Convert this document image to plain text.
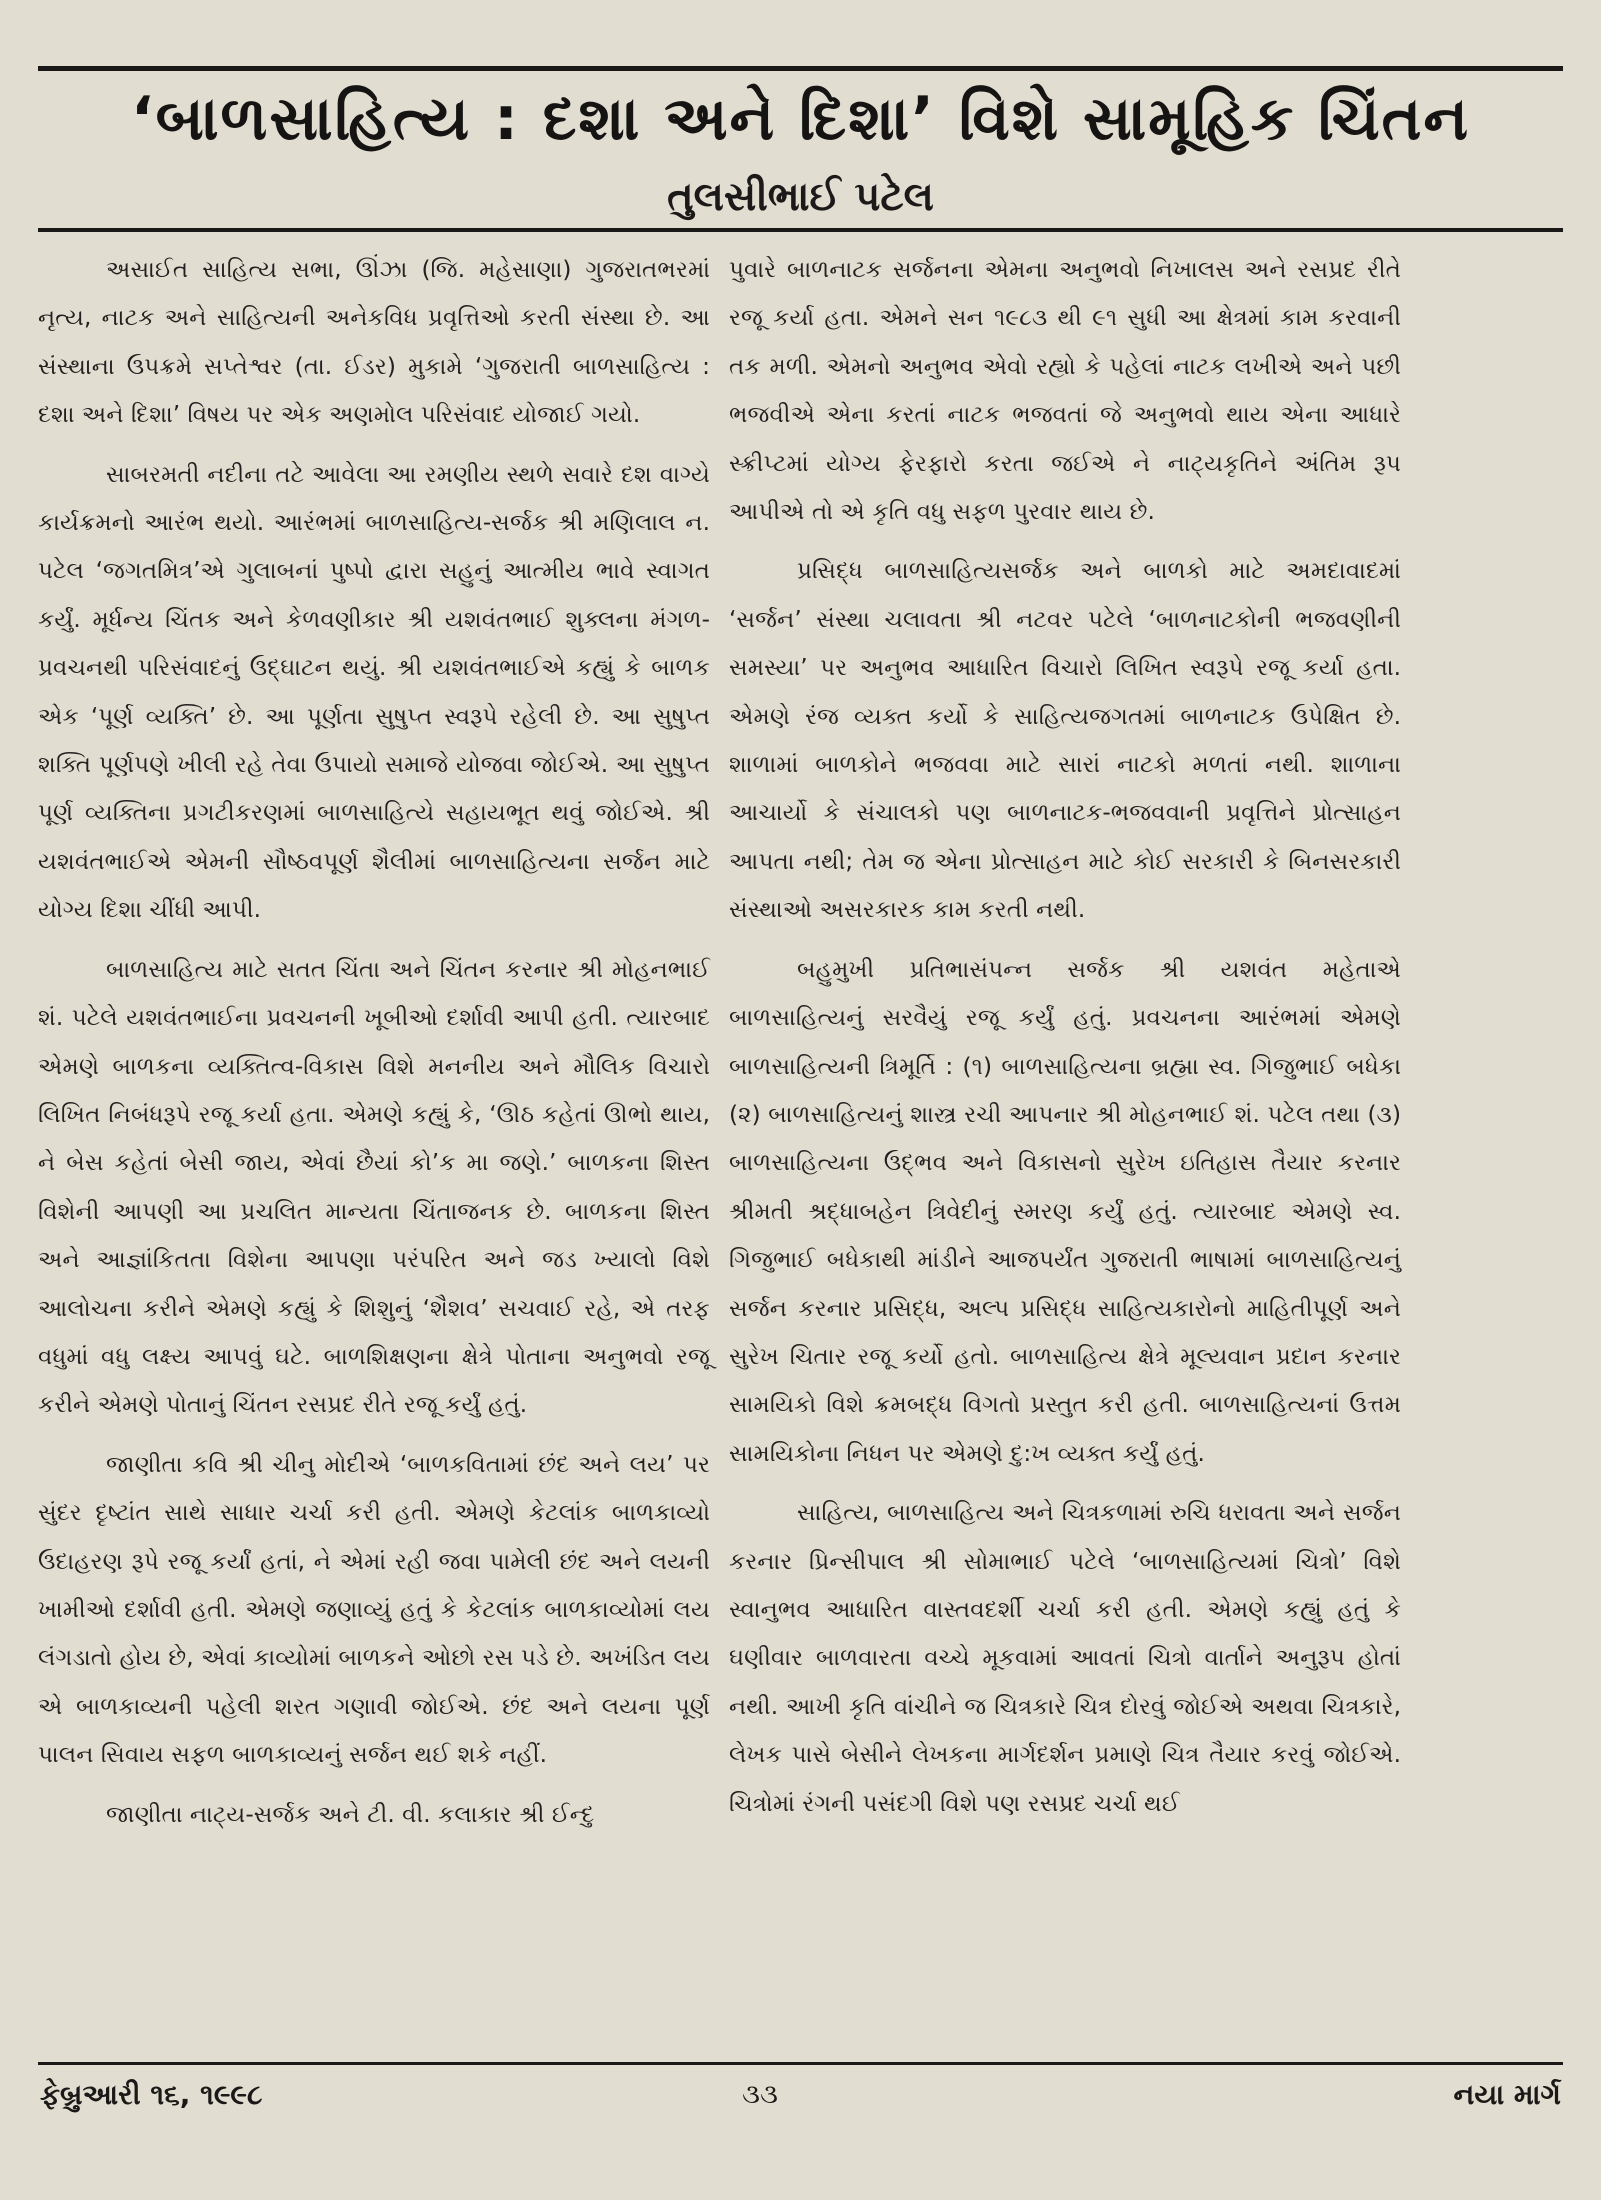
‘બાળસાહિત્ય : દશા અને દિશા’ વિશે સામૂહિક ચિંતન
તુલસીભાઈ પટેલ

અસાઈત સાહિત્ય સભા, ઊંઝા (જિ. મહેસાણા) ગુજરાતભરમાં નૃત્ય, નાટક અને સાહિત્યની અનેકવિધ પ્રવૃત્તિઓ કરતી સંસ્થા છે. આ સંસ્થાના ઉપક્રમે સપ્તેશ્વર (તા. ઈડર) મુકામે ‘ગુજરાતી બાળસાહિત્ય : દશા અને દિશા’ વિષય પર એક અણમોલ પરિસંવાદ યોજાઈ ગયો.

સાબરમતી નદીના તટે આવેલા આ રમણીય સ્થળે સવારે દશ વાગ્યે કાર્યક્રમનો આરંભ થયો. આરંભમાં બાળસાહિત્ય-સર્જક શ્રી મણિલાલ ન. પટેલ ‘જગતમિત્ર’એ ગુલાબનાં પુષ્પો દ્વારા સહુનું આત્મીય ભાવે સ્વાગત કર્યું. મૂર્ધન્ય ચિંતક અને કેળવણીકાર શ્રી યશવંતભાઈ શુક્લના મંગળ-પ્રવચનથી પરિસંવાદનું ઉદ્ઘાટન થયું. શ્રી યશવંતભાઈએ કહ્યું કે બાળક એક ‘પૂર્ણ વ્યક્તિ’ છે. આ પૂર્ણતા સુષુપ્ત સ્વરૂપે રહેલી છે. આ સુષુપ્ત શક્તિ પૂર્ણપણે ખીલી રહે તેવા ઉપાયો સમાજે યોજવા જોઈએ. આ સુષુપ્ત પૂર્ણ વ્યક્તિના પ્રગટીકરણમાં બાળસાહિત્યે સહાયભૂત થવું જોઈએ. શ્રી યશવંતભાઈએ એમની સૌષ્ઠવપૂર્ણ શૈલીમાં બાળસાહિત્યના સર્જન માટે યોગ્ય દિશા ચીંધી આપી.

બાળસાહિત્ય માટે સતત ચિંતા અને ચિંતન કરનાર શ્રી મોહનભાઈ શં. પટેલે યશવંતભાઈના પ્રવચનની ખૂબીઓ દર્શાવી આપી હતી. ત્યારબાદ એમણે બાળકના વ્યક્તિત્વ-વિકાસ વિશે મનનીય અને મૌલિક વિચારો લિખિત નિબંધરૂપે રજૂ કર્યા હતા. એમણે કહ્યું કે, ‘ઊઠ કહેતાં ઊભો થાય, ને બેસ કહેતાં બેસી જાય, એવાં છૈયાં કો’ક મા જણે.’ બાળકના શિસ્ત વિશેની આપણી આ પ્રચલિત માન્યતા ચિંતાજનક છે. બાળકના શિસ્ત અને આજ્ઞાંકિતતા વિશેના આપણા પરંપરિત અને જડ ખ્યાલો વિશે આલોચના કરીને એમણે કહ્યું કે શિશુનું ‘શૈશવ’ સચવાઈ રહે, એ તરફ વધુમાં વધુ લક્ષ્ય આપવું ઘટે. બાળશિક્ષણના ક્ષેત્રે પોતાના અનુભવો રજૂ કરીને એમણે પોતાનું ચિંતન રસપ્રદ રીતે રજૂ કર્યું હતું.

જાણીતા કવિ શ્રી ચીનુ મોદીએ ‘બાળકવિતામાં છંદ અને લય’ પર સુંદર દૃષ્ટાંત સાથે સાધાર ચર્ચા કરી હતી. એમણે કેટલાંક બાળકાવ્યો ઉદાહરણ રૂપે રજૂ કર્યાં હતાં, ને એમાં રહી જવા પામેલી છંદ અને લયની ખામીઓ દર્શાવી હતી. એમણે જણાવ્યું હતું કે કેટલાંક બાળકાવ્યોમાં લય લંગડાતો હોય છે, એવાં કાવ્યોમાં બાળકને ઓછો રસ પડે છે. અખંડિત લય એ બાળકાવ્યની પહેલી શરત ગણાવી જોઈએ. છંદ અને લયના પૂર્ણ પાલન સિવાય સફળ બાળકાવ્યનું સર્જન થઈ શકે નહીં.

જાણીતા નાટ્ય-સર્જક અને ટી. વી. કલાકાર શ્રી ઈન્દુ

પુવારે બાળનાટક સર્જનના એમના અનુભવો નિખાલસ અને રસપ્રદ રીતે રજૂ કર્યા હતા. એમને સન ૧૯૮૩ થી ૯૧ સુધી આ ક્ષેત્રમાં કામ કરવાની તક મળી. એમનો અનુભવ એવો રહ્યો કે પહેલાં નાટક લખીએ અને પછી ભજવીએ એના કરતાં નાટક ભજવતાં જે અનુભવો થાય એના આધારે સ્ક્રીપ્ટમાં યોગ્ય ફેરફારો કરતા જઈએ ને નાટ્યકૃતિને અંતિમ રૂપ આપીએ તો એ કૃતિ વધુ સફળ પુરવાર થાય છે.

પ્રસિદ્ધ બાળસાહિત્યસર્જક અને બાળકો માટે અમદાવાદમાં ‘સર્જન’ સંસ્થા ચલાવતા શ્રી નટવર પટેલે ‘બાળનાટકોની ભજવણીની સમસ્યા’ પર અનુભવ આધારિત વિચારો લિખિત સ્વરૂપે રજૂ કર્યા હતા. એમણે રંજ વ્યક્ત કર્યો કે સાહિત્યજગતમાં બાળનાટક ઉપેક્ષિત છે. શાળામાં બાળકોને ભજવવા માટે સારાં નાટકો મળતાં નથી. શાળાના આચાર્યો કે સંચાલકો પણ બાળનાટક-ભજવવાની પ્રવૃત્તિને પ્રોત્સાહન આપતા નથી; તેમ જ એના પ્રોત્સાહન માટે કોઈ સરકારી કે બિનસરકારી સંસ્થાઓ અસરકારક કામ કરતી નથી.

બહુમુખી પ્રતિભાસંપન્ન સર્જક શ્રી યશવંત મહેતાએ બાળસાહિત્યનું સરવૈયું રજૂ કર્યું હતું. પ્રવચનના આરંભમાં એમણે બાળસાહિત્યની ત્રિમૂર્તિ : (૧) બાળસાહિત્યના બ્રહ્મા સ્વ. ગિજુભાઈ બધેકા (૨) બાળસાહિત્યનું શાસ્ત્ર રચી આપનાર શ્રી મોહનભાઈ શં. પટેલ તથા (૩) બાળસાહિત્યના ઉદ્ભવ અને વિકાસનો સુરેખ ઇતિહાસ તૈયાર કરનાર શ્રીમતી શ્રદ્ધાબહેન ત્રિવેદીનું સ્મરણ કર્યું હતું. ત્યારબાદ એમણે સ્વ. ગિજુભાઈ બધેકાથી માંડીને આજપર્યંત ગુજરાતી ભાષામાં બાળસાહિત્યનું સર્જન કરનાર પ્રસિદ્ધ, અલ્પ પ્રસિદ્ધ સાહિત્યકારોનો માહિતીપૂર્ણ અને સુરેખ ચિતાર રજૂ કર્યો હતો. બાળસાહિત્ય ક્ષેત્રે મૂલ્યવાન પ્રદાન કરનાર સામયિકો વિશે ક્રમબદ્ધ વિગતો પ્રસ્તુત કરી હતી. બાળસાહિત્યનાં ઉત્તમ સામયિકોના નિધન પર એમણે દુ:ખ વ્યક્ત કર્યું હતું.

સાહિત્ય, બાળસાહિત્ય અને ચિત્રકળામાં રુચિ ધરાવતા અને સર્જન કરનાર પ્રિન્સીપાલ શ્રી સોમાભાઈ પટેલે ‘બાળસાહિત્યમાં ચિત્રો’ વિશે સ્વાનુભવ આધારિત વાસ્તવદર્શી ચર્ચા કરી હતી. એમણે કહ્યું હતું કે ઘણીવાર બાળવારતા વચ્ચે મૂકવામાં આવતાં ચિત્રો વાર્તાને અનુરૂપ હોતાં નથી. આખી કૃતિ વાંચીને જ ચિત્રકારે ચિત્ર દોરવું જોઈએ અથવા ચિત્રકારે, લેખક પાસે બેસીને લેખકના માર્ગદર્શન પ્રમાણે ચિત્ર તૈયાર કરવું જોઈએ. ચિત્રોમાં રંગની પસંદગી વિશે પણ રસપ્રદ ચર્ચા થઈ

ફેબ્રુઆરી ૧૬, ૧૯૯૮	૩૩	નયા માર્ગ
